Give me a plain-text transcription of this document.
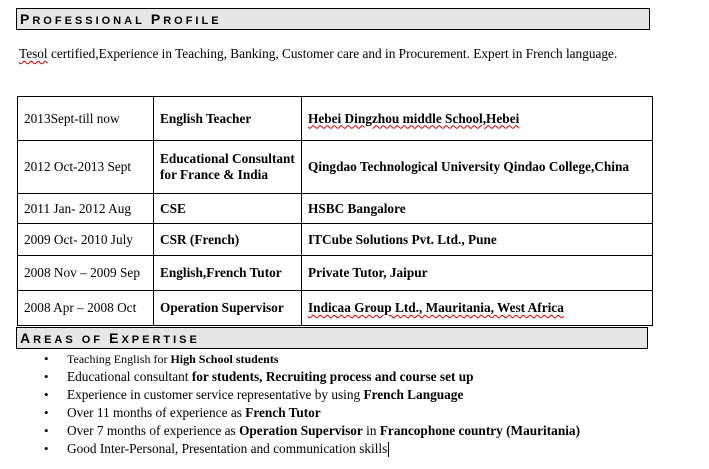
PROFESSIONAL PROFILE
Tesol certified,Experience in Teaching, Banking, Customer care and in Procurement. Expert in French language.
2013Sept-till now	English Teacher	Hebei Dingzhou middle School,Hebei
2012 Oct-2013 Sept	Educational Consultant for France & India	Qingdao Technological University Qindao College,China
2011 Jan- 2012 Aug	CSE	HSBC Bangalore
2009 Oct- 2010 July	CSR (French)	ITCube Solutions Pvt. Ltd., Pune
2008 Nov – 2009 Sep	English,French Tutor	Private Tutor, Jaipur
2008 Apr – 2008 Oct	Operation Supervisor	Indicaa Group Ltd., Mauritania, West Africa
AREAS OF EXPERTISE
• Teaching English for High School students
• Educational consultant for students, Recruiting process and course set up
• Experience in customer service representative by using French Language
• Over 11 months of experience as French Tutor
• Over 7 months of experience as Operation Supervisor in Francophone country (Mauritania)
• Good Inter-Personal, Presentation and communication skills
